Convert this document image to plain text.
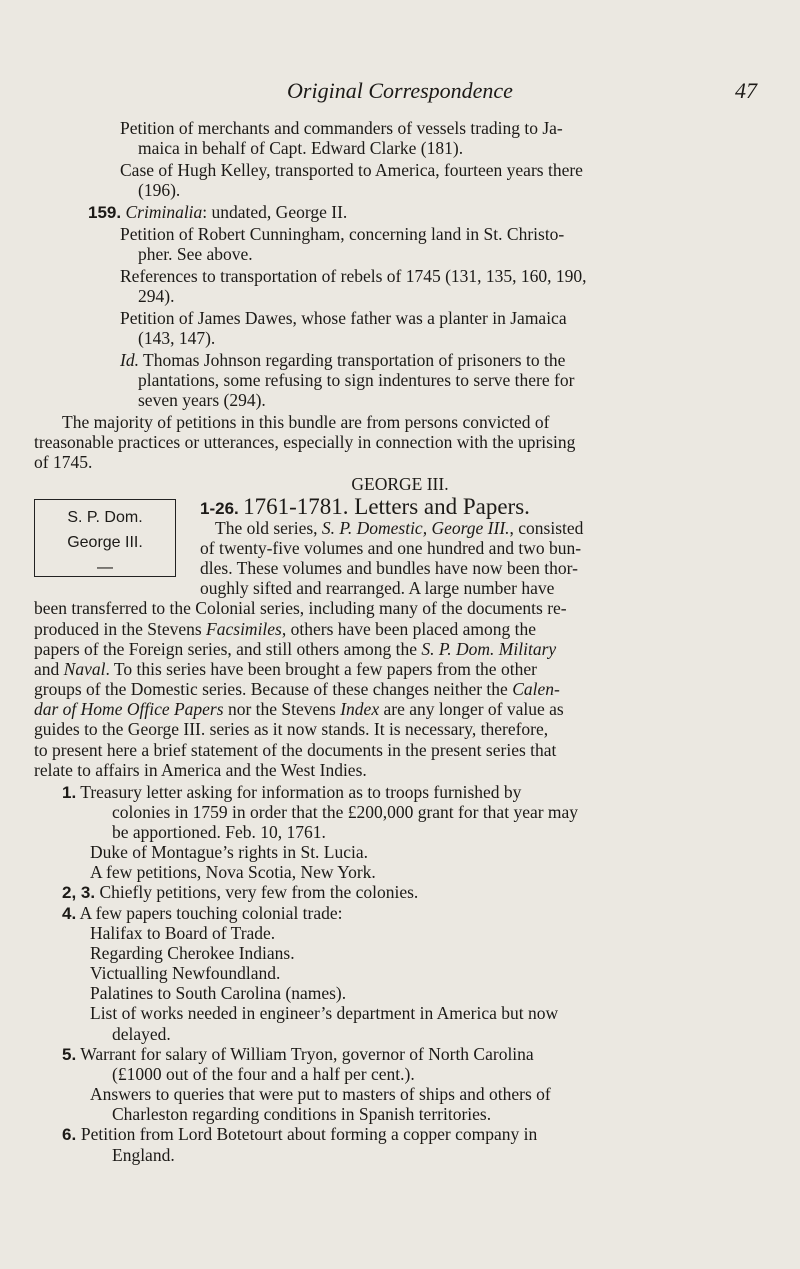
Original Correspondence	47
Petition of merchants and commanders of vessels trading to Ja-
maica in behalf of Capt. Edward Clarke (181).
Case of Hugh Kelley, transported to America, fourteen years there
(196).
159. Criminalia: undated, George II.
Petition of Robert Cunningham, concerning land in St. Christo-
pher. See above.
References to transportation of rebels of 1745 (131, 135, 160, 190,
294).
Petition of James Dawes, whose father was a planter in Jamaica
(143, 147).
Id. Thomas Johnson regarding transportation of prisoners to the
plantations, some refusing to sign indentures to serve there for
seven years (294).
The majority of petitions in this bundle are from persons convicted of
treasonable practices or utterances, especially in connection with the uprising
of 1745.
GEORGE III.
S. P. Dom.
George III.
—
1-26. 1761-1781. Letters and Papers.
The old series, S. P. Domestic, George III., consisted
of twenty-five volumes and one hundred and two bun-
dles. These volumes and bundles have now been thor-
oughly sifted and rearranged. A large number have
been transferred to the Colonial series, including many of the documents re-
produced in the Stevens Facsimiles, others have been placed among the
papers of the Foreign series, and still others among the S. P. Dom. Military
and Naval. To this series have been brought a few papers from the other
groups of the Domestic series. Because of these changes neither the Calen-
dar of Home Office Papers nor the Stevens Index are any longer of value as
guides to the George III. series as it now stands. It is necessary, therefore,
to present here a brief statement of the documents in the present series that
relate to affairs in America and the West Indies.
1. Treasury letter asking for information as to troops furnished by
colonies in 1759 in order that the £200,000 grant for that year may
be apportioned. Feb. 10, 1761.
Duke of Montague’s rights in St. Lucia.
A few petitions, Nova Scotia, New York.
2, 3. Chiefly petitions, very few from the colonies.
4. A few papers touching colonial trade:
Halifax to Board of Trade.
Regarding Cherokee Indians.
Victualling Newfoundland.
Palatines to South Carolina (names).
List of works needed in engineer’s department in America but now
delayed.
5. Warrant for salary of William Tryon, governor of North Carolina
(£1000 out of the four and a half per cent.).
Answers to queries that were put to masters of ships and others of
Charleston regarding conditions in Spanish territories.
6. Petition from Lord Botetourt about forming a copper company in
England.
